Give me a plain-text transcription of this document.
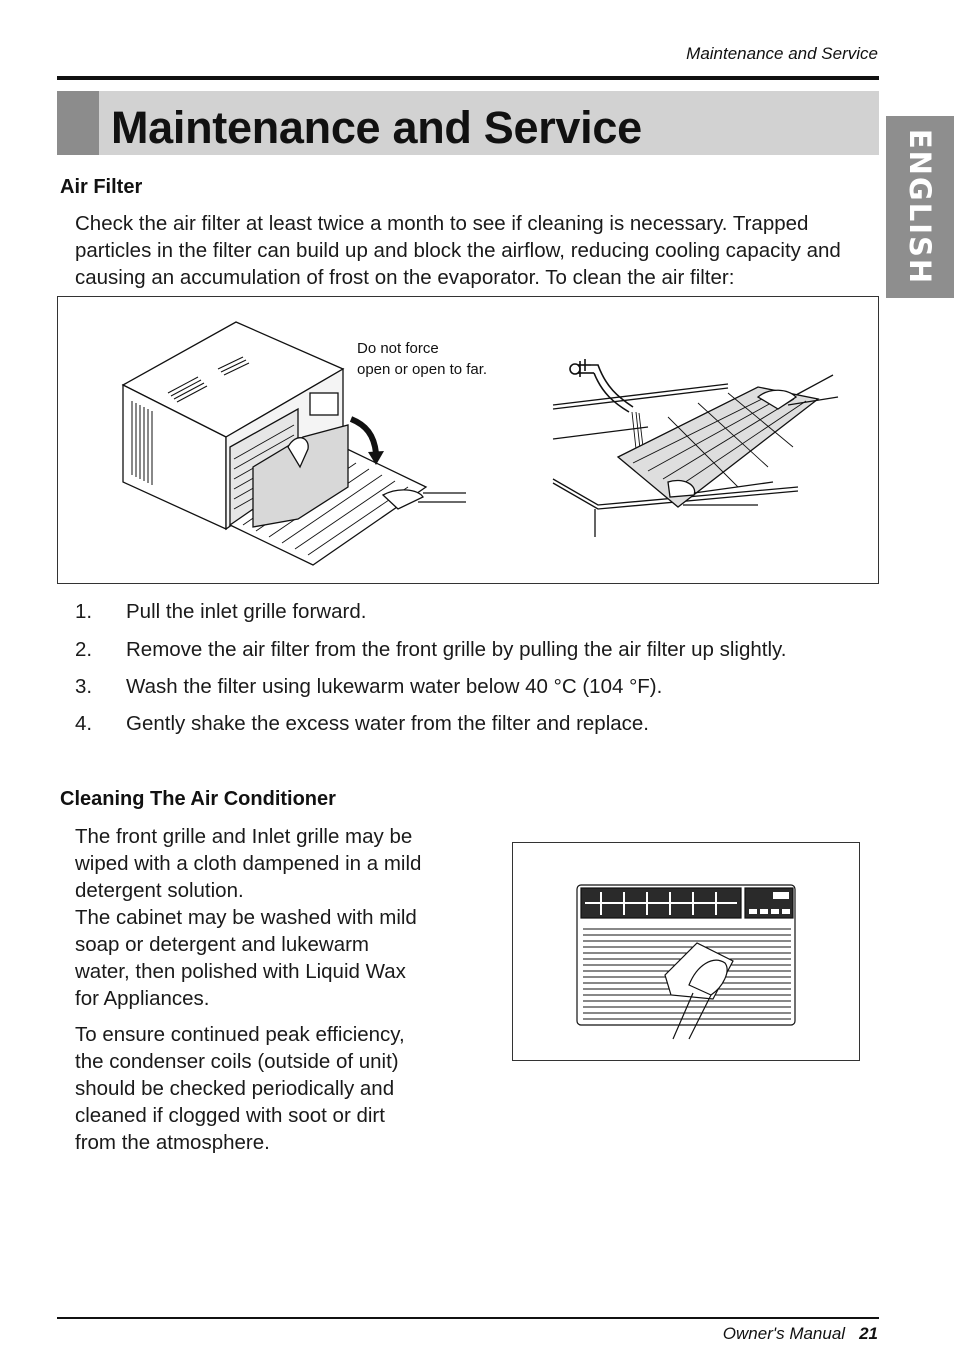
Maintenance and Service
Maintenance and Service
ENGLISH
Air Filter

Check the air filter at least twice a month to see if cleaning is necessary. Trapped particles in the filter can build up and block the airflow, reducing cooling capacity and causing an accumulation of frost on the evaporator. To clean the air filter:

Do not force
open or open to far.
1. Pull the inlet grille forward.
2. Remove the air filter from the front grille by pulling the air filter up slightly.
3. Wash the filter using lukewarm water below 40 °C (104 °F).
4. Gently shake the excess water from the filter and replace.
Cleaning The Air Conditioner
The front grille and Inlet grille may be
wiped with a cloth dampened in a mild
detergent solution.
The cabinet may be washed with mild
soap or detergent and lukewarm
water, then polished with Liquid Wax
for Appliances.
To ensure continued peak efficiency,
the condenser coils (outside of unit)
should be checked periodically and
cleaned if clogged with soot or dirt
from the atmosphere.
Owner's Manual 21
